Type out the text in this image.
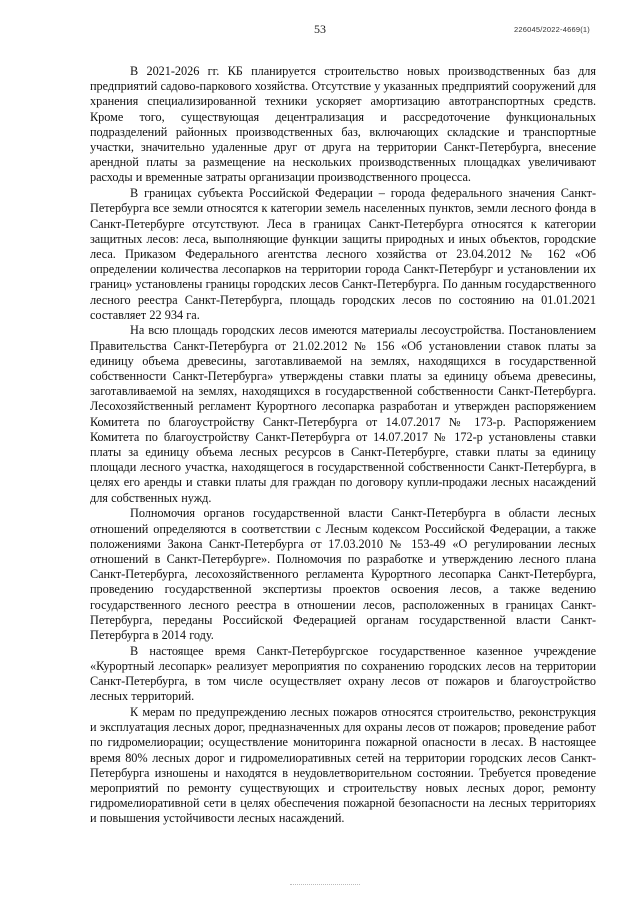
53	226045/2022-4669(1)

В 2021-2026 гг. КБ планируется строительство новых производственных баз для предприятий садово-паркового хозяйства. Отсутствие у указанных предприятий сооружений для хранения специализированной техники ускоряет амортизацию автотранспортных средств. Кроме того, существующая децентрализация и рассредоточение функциональных подразделений районных производственных баз, включающих складские и транспортные участки, значительно удаленные друг от друга на территории Санкт-Петербурга, внесение арендной платы за размещение на нескольких производственных площадках увеличивают расходы и временные затраты организации производственного процесса.

В границах субъекта Российской Федерации – города федерального значения Санкт-Петербурга все земли относятся к категории земель населенных пунктов, земли лесного фонда в Санкт-Петербурге отсутствуют. Леса в границах Санкт-Петербурга относятся к категории защитных лесов: леса, выполняющие функции защиты природных и иных объектов, городские леса. Приказом Федерального агентства лесного хозяйства от 23.04.2012 № 162 «Об определении количества лесопарков на территории города Санкт-Петербург и установлении их границ» установлены границы городских лесов Санкт-Петербурга. По данным государственного лесного реестра Санкт-Петербурга, площадь городских лесов по состоянию на 01.01.2021 составляет 22 934 га.

На всю площадь городских лесов имеются материалы лесоустройства. Постановлением Правительства Санкт-Петербурга от 21.02.2012 № 156 «Об установлении ставок платы за единицу объема древесины, заготавливаемой на землях, находящихся в государственной собственности Санкт-Петербурга» утверждены ставки платы за единицу объема древесины, заготавливаемой на землях, находящихся в государственной собственности Санкт-Петербурга. Лесохозяйственный регламент Курортного лесопарка разработан и утвержден распоряжением Комитета по благоустройству Санкт-Петербурга от 14.07.2017 № 173-р. Распоряжением Комитета по благоустройству Санкт-Петербурга от 14.07.2017 № 172-р установлены ставки платы за единицу объема лесных ресурсов в Санкт-Петербурге, ставки платы за единицу площади лесного участка, находящегося в государственной собственности Санкт-Петербурга, в целях его аренды и ставки платы для граждан по договору купли-продажи лесных насаждений для собственных нужд.

Полномочия органов государственной власти Санкт-Петербурга в области лесных отношений определяются в соответствии с Лесным кодексом Российской Федерации, а также положениями Закона Санкт-Петербурга от 17.03.2010 № 153-49 «О регулировании лесных отношений в Санкт-Петербурге». Полномочия по разработке и утверждению лесного плана Санкт-Петербурга, лесохозяйственного регламента Курортного лесопарка Санкт-Петербурга, проведению государственной экспертизы проектов освоения лесов, а также ведению государственного лесного реестра в отношении лесов, расположенных в границах Санкт-Петербурга, переданы Российской Федерацией органам государственной власти Санкт-Петербурга в 2014 году.

В настоящее время Санкт-Петербургское государственное казенное учреждение «Курортный лесопарк» реализует мероприятия по сохранению городских лесов на территории Санкт-Петербурга, в том числе осуществляет охрану лесов от пожаров и благоустройство лесных территорий.

К мерам по предупреждению лесных пожаров относятся строительство, реконструкция и эксплуатация лесных дорог, предназначенных для охраны лесов от пожаров; проведение работ по гидромелиорации; осуществление мониторинга пожарной опасности в лесах. В настоящее время 80% лесных дорог и гидромелиоративных сетей на территории городских лесов Санкт-Петербурга изношены и находятся в неудовлетворительном состоянии. Требуется проведение мероприятий по ремонту существующих и строительству новых лесных дорог, ремонту гидромелиоративной сети в целях обеспечения пожарной безопасности на лесных территориях и повышения устойчивости лесных насаждений.
